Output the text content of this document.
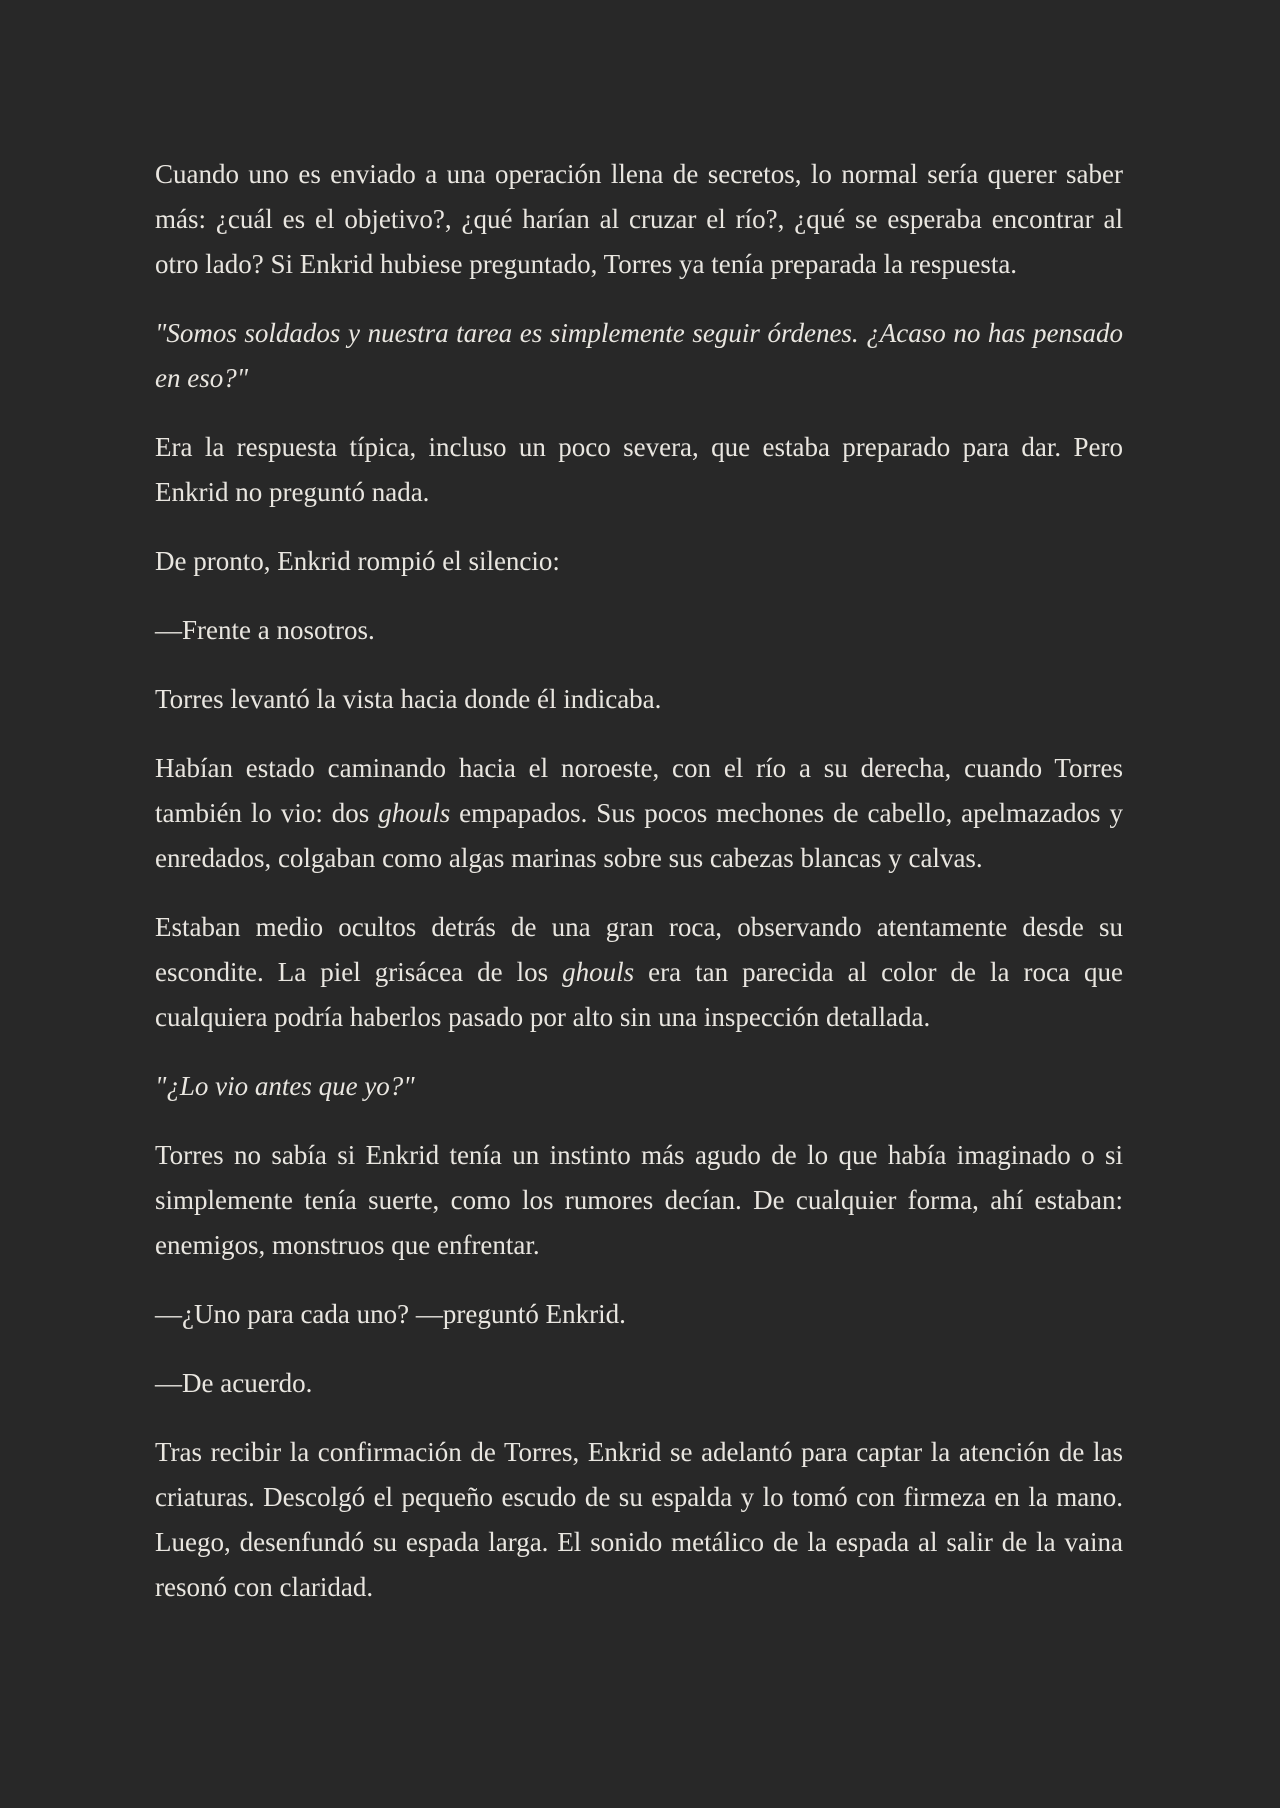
Cuando uno es enviado a una operación llena de secretos, lo normal sería querer saber más: ¿cuál es el objetivo?, ¿qué harían al cruzar el río?, ¿qué se esperaba encontrar al otro lado? Si Enkrid hubiese preguntado, Torres ya tenía preparada la respuesta.

"Somos soldados y nuestra tarea es simplemente seguir órdenes. ¿Acaso no has pensado en eso?"

Era la respuesta típica, incluso un poco severa, que estaba preparado para dar. Pero Enkrid no preguntó nada.

De pronto, Enkrid rompió el silencio:

—Frente a nosotros.

Torres levantó la vista hacia donde él indicaba.

Habían estado caminando hacia el noroeste, con el río a su derecha, cuando Torres también lo vio: dos ghouls empapados. Sus pocos mechones de cabello, apelmazados y enredados, colgaban como algas marinas sobre sus cabezas blancas y calvas.

Estaban medio ocultos detrás de una gran roca, observando atentamente desde su escondite. La piel grisácea de los ghouls era tan parecida al color de la roca que cualquiera podría haberlos pasado por alto sin una inspección detallada.

"¿Lo vio antes que yo?"

Torres no sabía si Enkrid tenía un instinto más agudo de lo que había imaginado o si simplemente tenía suerte, como los rumores decían. De cualquier forma, ahí estaban: enemigos, monstruos que enfrentar.

—¿Uno para cada uno? —preguntó Enkrid.

—De acuerdo.

Tras recibir la confirmación de Torres, Enkrid se adelantó para captar la atención de las criaturas. Descolgó el pequeño escudo de su espalda y lo tomó con firmeza en la mano. Luego, desenfundó su espada larga. El sonido metálico de la espada al salir de la vaina resonó con claridad.
